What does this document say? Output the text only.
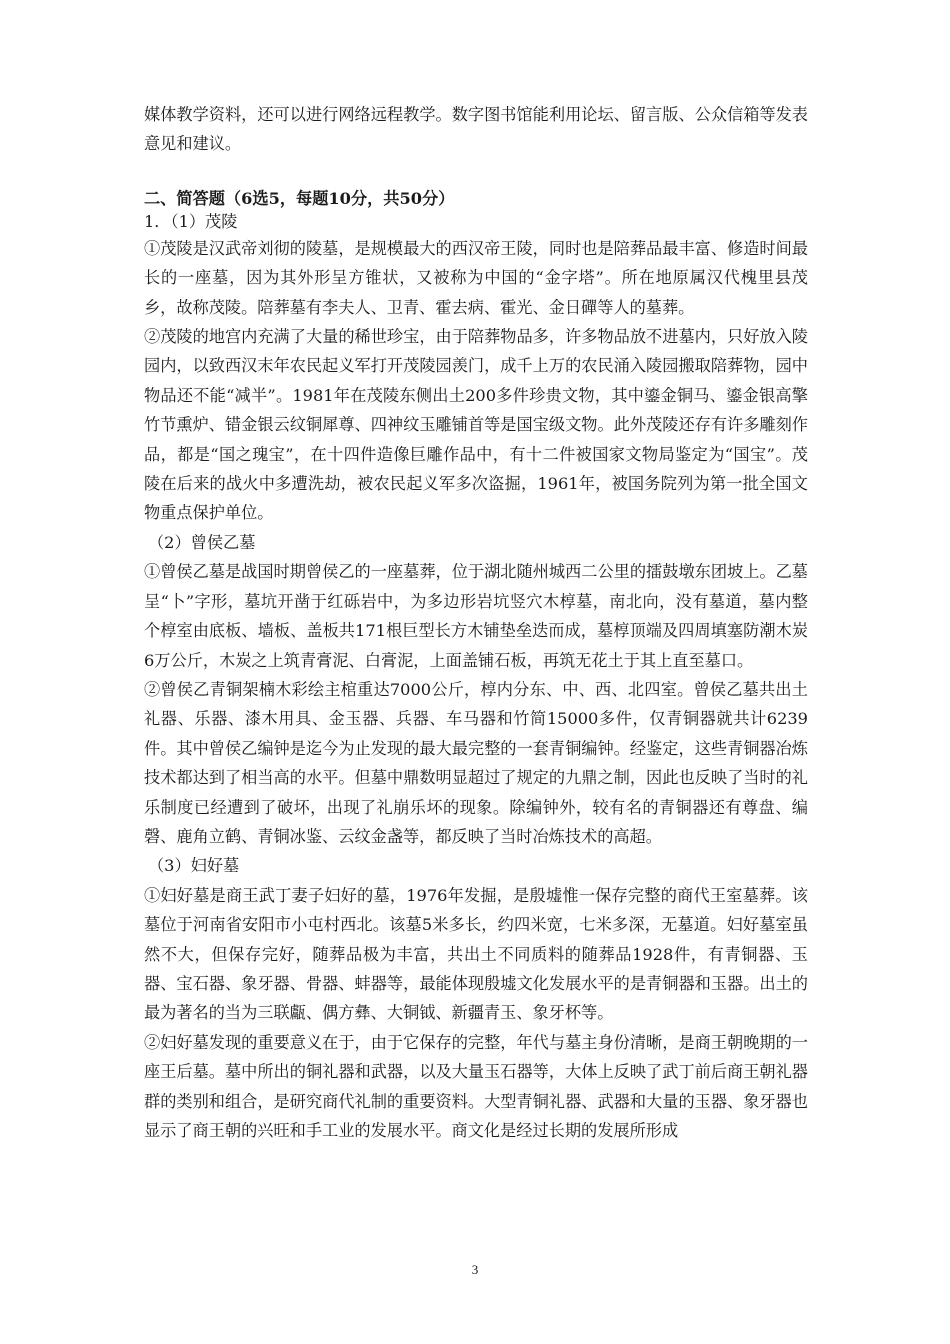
媒体教学资料，还可以进行网络远程教学。数字图书馆能利用论坛、留言版、公众信箱等发表意见和建议。

二、简答题（6选5，每题10分，共50分）

1．（1）茂陵

①茂陵是汉武帝刘彻的陵墓，是规模最大的西汉帝王陵，同时也是陪葬品最丰富、修造时间最长的一座墓，因为其外形呈方锥状，又被称为中国的“金字塔”。所在地原属汉代槐里县茂乡，故称茂陵。陪葬墓有李夫人、卫青、霍去病、霍光、金日磾等人的墓葬。

②茂陵的地宫内充满了大量的稀世珍宝，由于陪葬物品多，许多物品放不进墓内，只好放入陵园内，以致西汉末年农民起义军打开茂陵园羡门，成千上万的农民涌入陵园搬取陪葬物，园中物品还不能“减半”。1981年在茂陵东侧出土200多件珍贵文物，其中鎏金铜马、鎏金银高擎竹节熏炉、错金银云纹铜犀尊、四神纹玉雕铺首等是国宝级文物。此外茂陵还存有许多雕刻作品，都是“国之瑰宝”，在十四件造像巨雕作品中，有十二件被国家文物局鉴定为“国宝”。茂陵在后来的战火中多遭洗劫，被农民起义军多次盗掘，1961年，被国务院列为第一批全国文物重点保护单位。

（2）曾侯乙墓

①曾侯乙墓是战国时期曾侯乙的一座墓葬，位于湖北随州城西二公里的擂鼓墩东团坡上。乙墓呈“卜”字形，墓坑开凿于红砾岩中，为多边形岩坑竖穴木椁墓，南北向，没有墓道，墓内整个椁室由底板、墙板、盖板共171根巨型长方木铺垫垒迭而成，墓椁顶端及四周填塞防潮木炭6万公斤，木炭之上筑青膏泥、白膏泥，上面盖铺石板，再筑无花土于其上直至墓口。

②曾侯乙青铜架楠木彩绘主棺重达7000公斤，椁内分东、中、西、北四室。曾侯乙墓共出土礼器、乐器、漆木用具、金玉器、兵器、车马器和竹简15000多件，仅青铜器就共计6239件。其中曾侯乙编钟是迄今为止发现的最大最完整的一套青铜编钟。经鉴定，这些青铜器冶炼技术都达到了相当高的水平。但墓中鼎数明显超过了规定的九鼎之制，因此也反映了当时的礼乐制度已经遭到了破坏，出现了礼崩乐坏的现象。除编钟外，较有名的青铜器还有尊盘、编磬、鹿角立鹤、青铜冰鉴、云纹金盏等，都反映了当时冶炼技术的高超。

（3）妇好墓

①妇好墓是商王武丁妻子妇好的墓，1976年发掘，是殷墟惟一保存完整的商代王室墓葬。该墓位于河南省安阳市小屯村西北。该墓5米多长，约四米宽，七米多深，无墓道。妇好墓室虽然不大，但保存完好，随葬品极为丰富，共出土不同质料的随葬品1928件，有青铜器、玉器、宝石器、象牙器、骨器、蚌器等，最能体现殷墟文化发展水平的是青铜器和玉器。出土的最为著名的当为三联甗、偶方彝、大铜钺、新疆青玉、象牙杯等。

②妇好墓发现的重要意义在于，由于它保存的完整，年代与墓主身份清晰，是商王朝晚期的一座王后墓。墓中所出的铜礼器和武器，以及大量玉石器等，大体上反映了武丁前后商王朝礼器群的类别和组合，是研究商代礼制的重要资料。大型青铜礼器、武器和大量的玉器、象牙器也显示了商王朝的兴旺和手工业的发展水平。商文化是经过长期的发展所形成

3
